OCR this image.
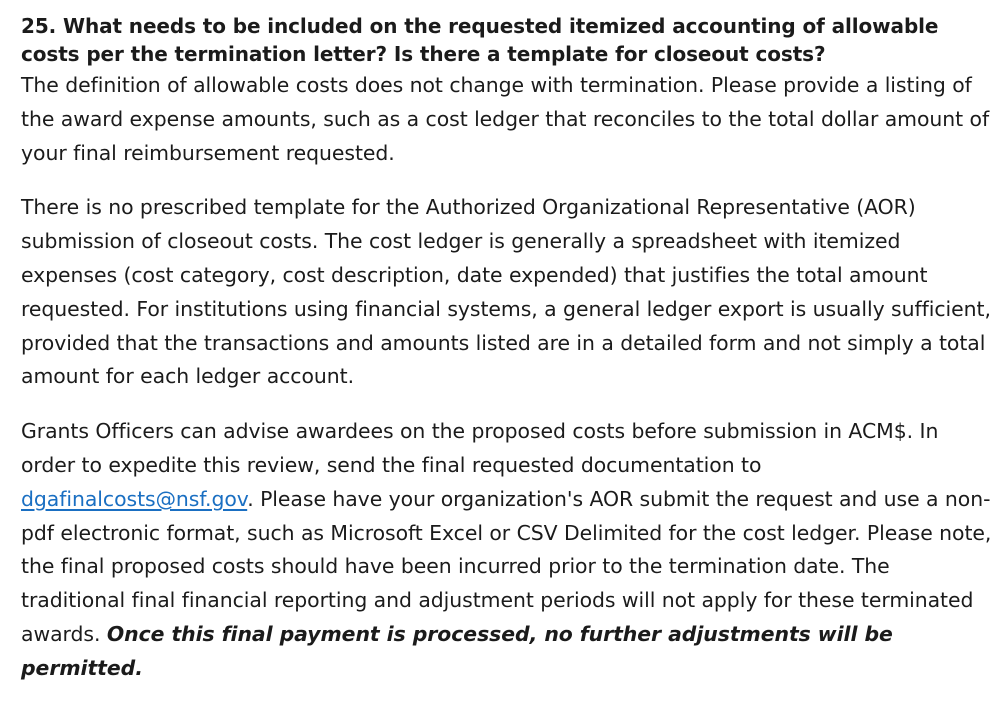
25. What needs to be included on the requested itemized accounting of allowable costs per the termination letter? Is there a template for closeout costs?

The definition of allowable costs does not change with termination. Please provide a listing of the award expense amounts, such as a cost ledger that reconciles to the total dollar amount of your final reimbursement requested.

There is no prescribed template for the Authorized Organizational Representative (AOR) submission of closeout costs. The cost ledger is generally a spreadsheet with itemized expenses (cost category, cost description, date expended) that justifies the total amount requested. For institutions using financial systems, a general ledger export is usually sufficient, provided that the transactions and amounts listed are in a detailed form and not simply a total amount for each ledger account.

Grants Officers can advise awardees on the proposed costs before submission in ACM$. In order to expedite this review, send the final requested documentation to dgafinalcosts@nsf.gov. Please have your organization's AOR submit the request and use a non-pdf electronic format, such as Microsoft Excel or CSV Delimited for the cost ledger. Please note, the final proposed costs should have been incurred prior to the termination date. The traditional final financial reporting and adjustment periods will not apply for these terminated awards. Once this final payment is processed, no further adjustments will be permitted.
